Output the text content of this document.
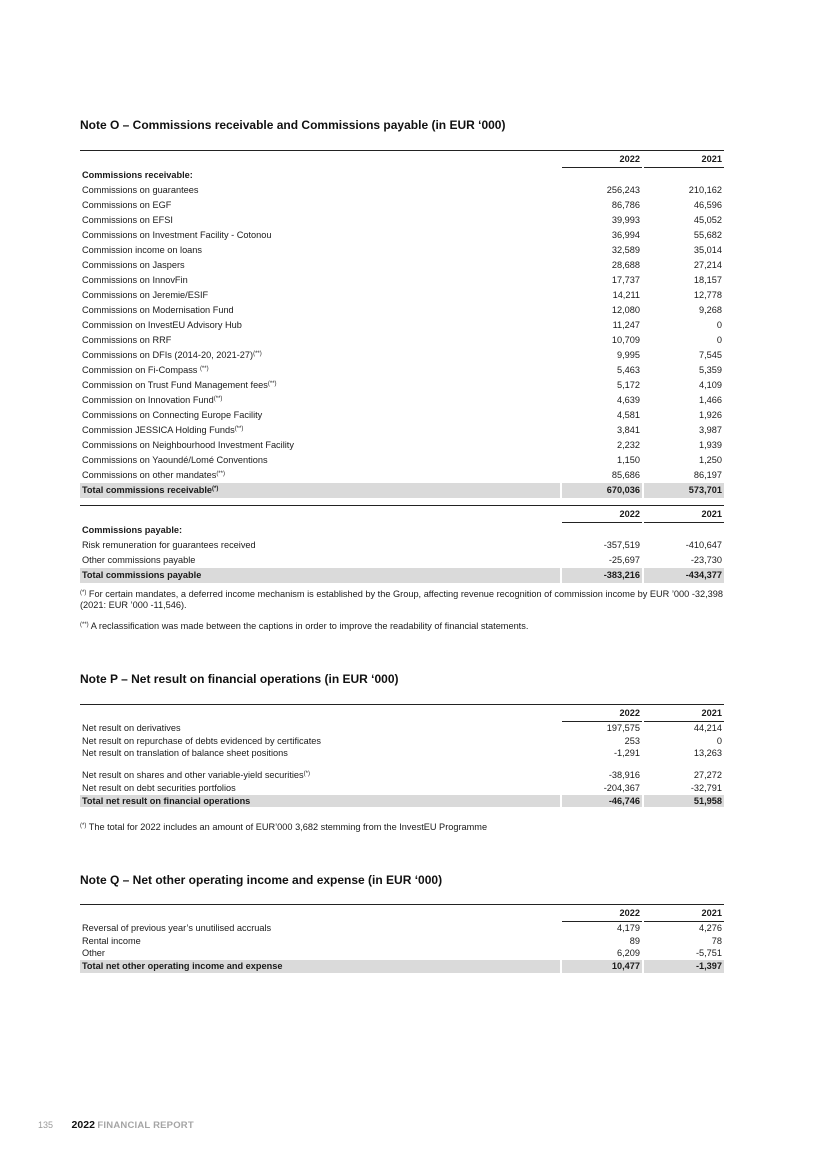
Note O – Commissions receivable and Commissions payable (in EUR ‘000)
		2022		2021
Commissions receivable:				
Commissions on guarantees		256,243		210,162
Commissions on EGF		86,786		46,596
Commissions on EFSI		39,993		45,052
Commissions on Investment Facility - Cotonou		36,994		55,682
Commission income on loans		32,589		35,014
Commissions on Jaspers		28,688		27,214
Commissions on InnovFin		17,737		18,157
Commissions on Jeremie/ESIF		14,211		12,778
Commissions on Modernisation Fund		12,080		9,268
Commission on InvestEU Advisory Hub		11,247		0
Commissions on RRF		10,709		0
Commissions on DFIs (2014-20, 2021-27)(**)		9,995		7,545
Commission on Fi-Compass (**)		5,463		5,359
Commission on Trust Fund Management fees(**)		5,172		4,109
Commission on Innovation Fund(**)		4,639		1,466
Commissions on Connecting Europe Facility		4,581		1,926
Commission JESSICA Holding Funds(**)		3,841		3,987
Commissions on Neighbourhood Investment Facility		2,232		1,939
Commissions on Yaoundé/Lomé Conventions		1,150		1,250
Commissions on other mandates(**)		85,686		86,197
Total commissions receivable(*)		670,036		573,701
		2022		2021
Commissions payable:				
Risk remuneration for guarantees received		-357,519		-410,647
Other commissions payable		-25,697		-23,730
Total commissions payable		-383,216		-434,377
(*) For certain mandates, a deferred income mechanism is established by the Group, affecting revenue recognition of commission income by EUR ’000 -32,398 (2021: EUR ’000 -11,546).
(**) A reclassification was made between the captions in order to improve the readability of financial statements.
Note P – Net result on financial operations (in EUR ‘000)
		2022		2021
Net result on derivatives		197,575		44,214
Net result on repurchase of debts evidenced by certificates		253		0
Net result on translation of balance sheet positions		-1,291		13,263

Net result on shares and other variable-yield securities(*)		-38,916		27,272
Net result on debt securities portfolios		-204,367		-32,791
Total net result on financial operations		-46,746		51,958
(*) The total for 2022 includes an amount of EUR’000 3,682 stemming from the InvestEU Programme
Note Q – Net other operating income and expense (in EUR ‘000)
		2022		2021
Reversal of previous year’s unutilised accruals		4,179		4,276
Rental income		89		78
Other		6,209		-5,751
Total net other operating income and expense		10,477		-1,397
135 2022 FINANCIAL REPORT
